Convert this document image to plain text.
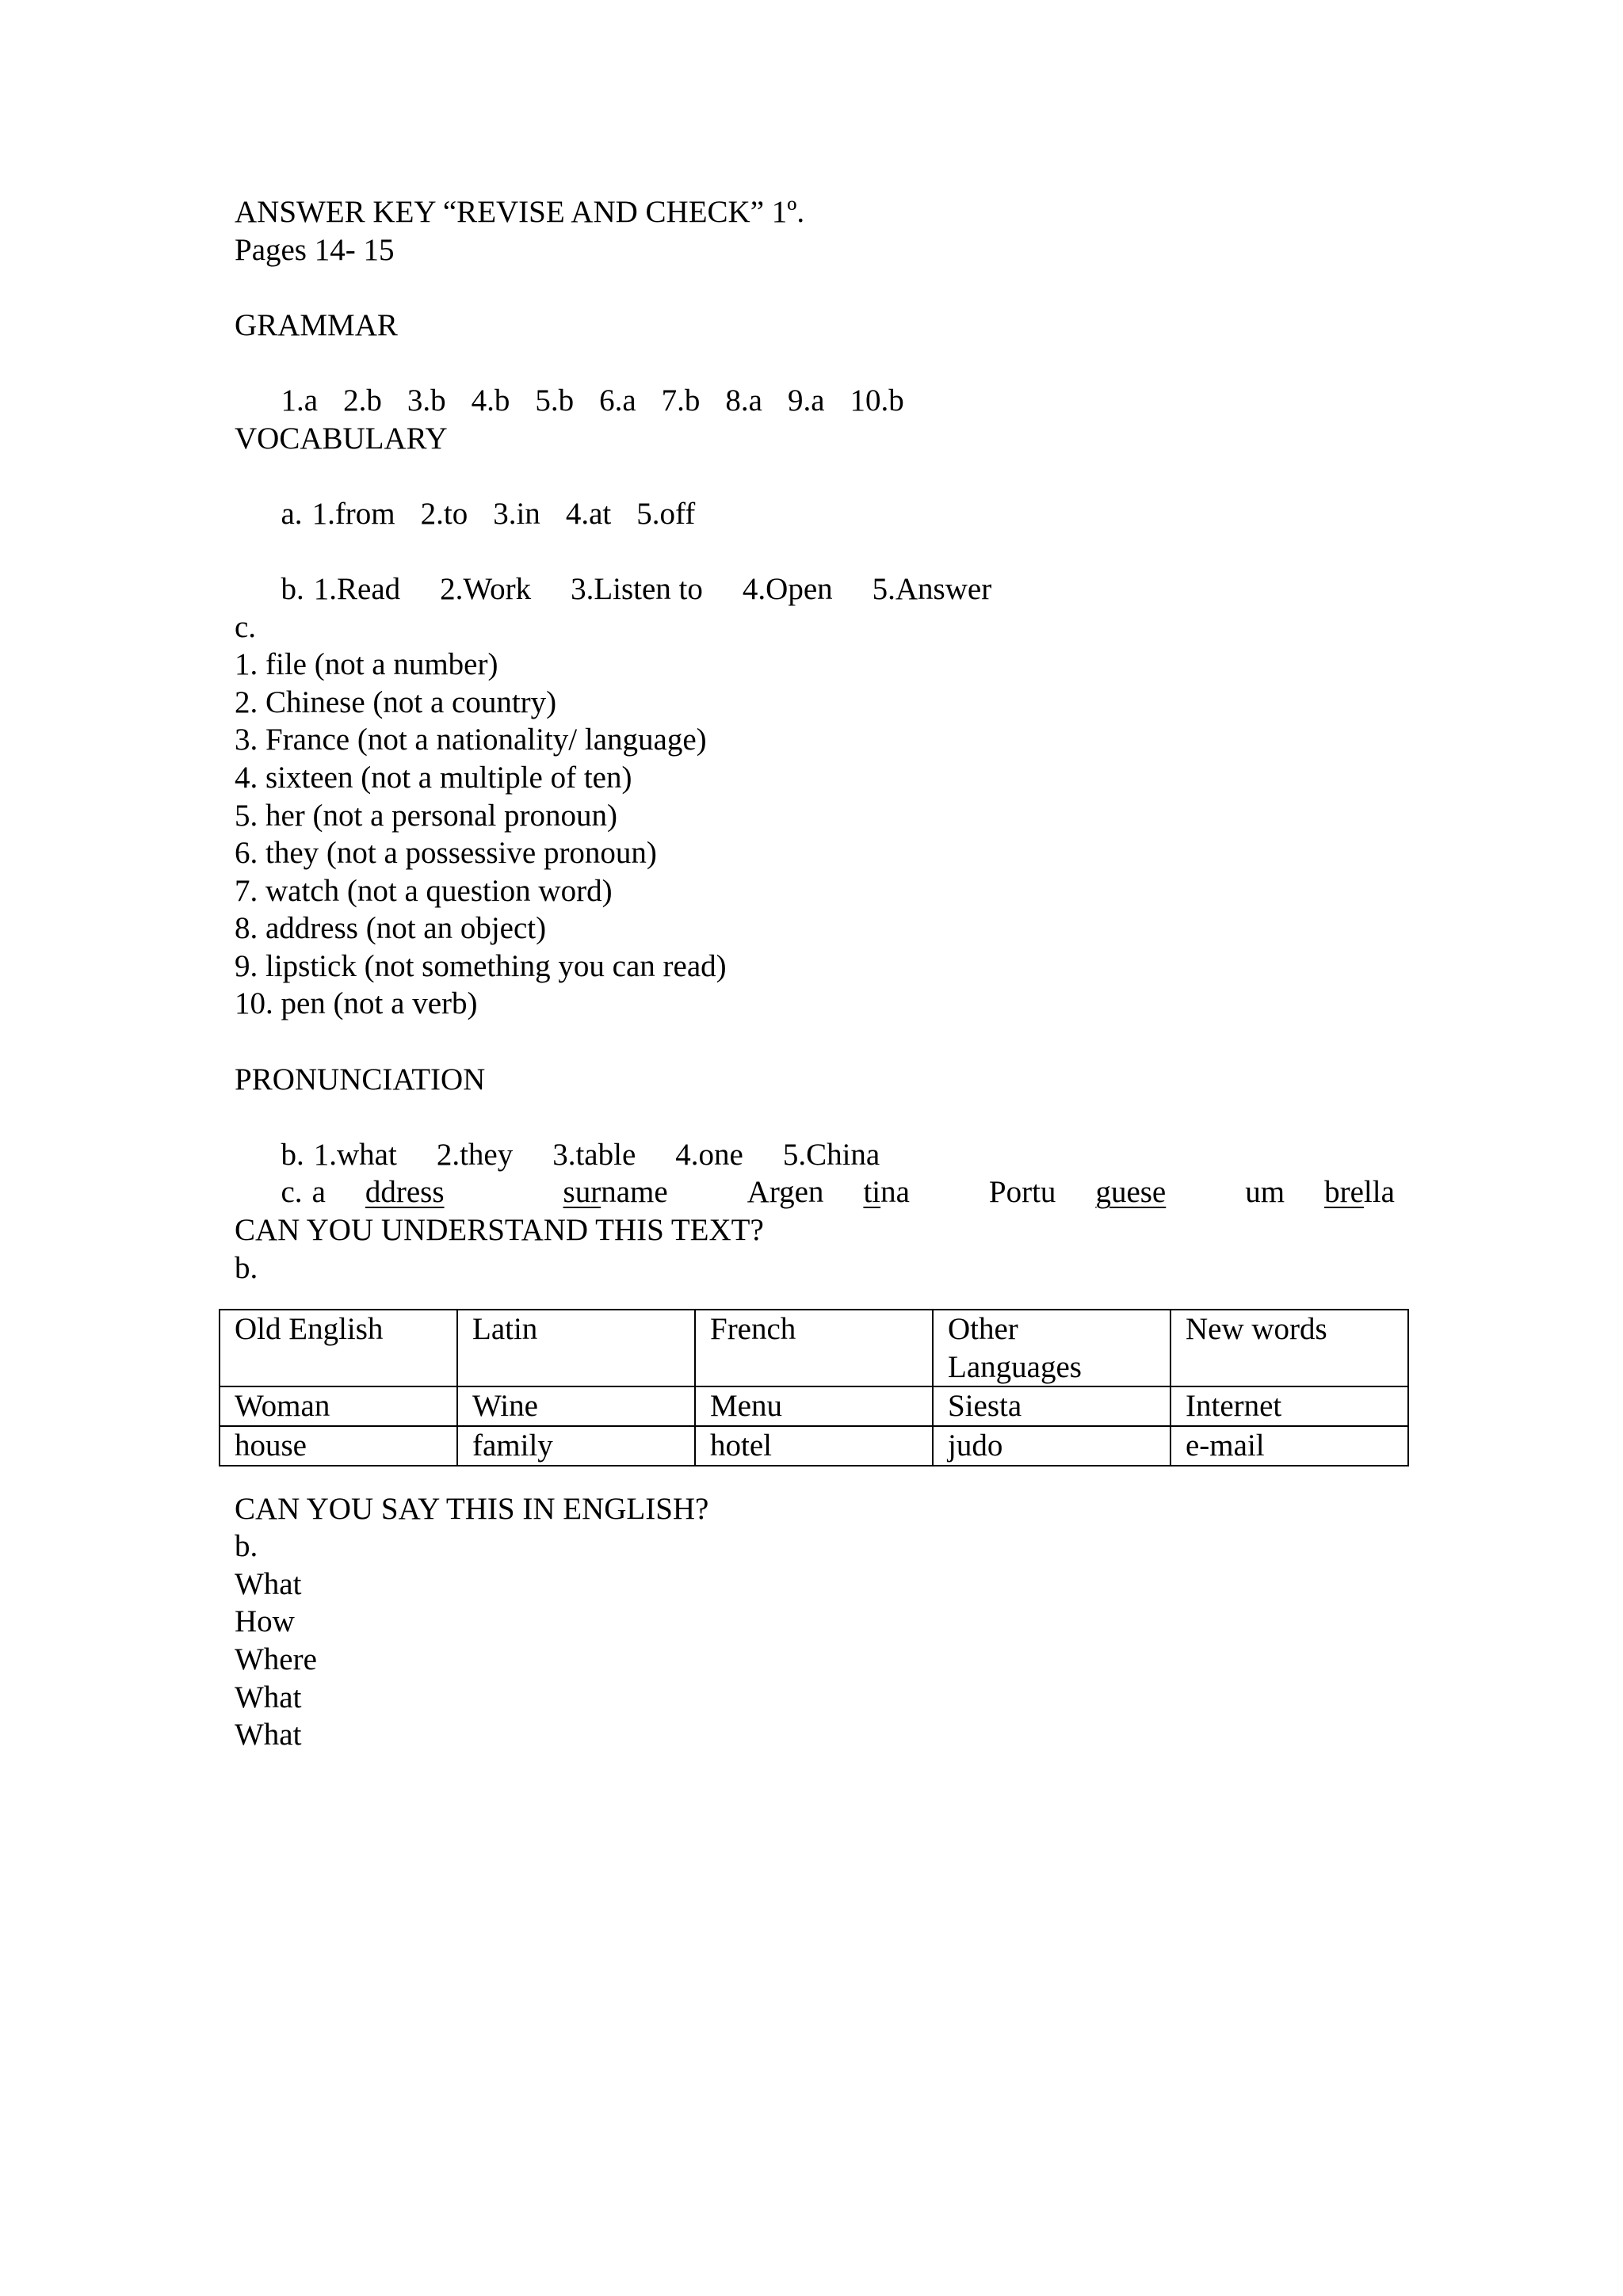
ANSWER KEY “REVISE AND CHECK” 1º.
Pages 14- 15
GRAMMAR

1.a 2.b 3.b 4.b 5.b 6.a 7.b 8.a 9.a 10.b

VOCABULARY

a. 1.from 2.to 3.in 4.at 5.off

b. 1.Read 2.Work 3.Listen to 4.Open 5.Answer

c.
1. file (not a number)
2. Chinese (not a country)
3. France (not a nationality/ language)
4. sixteen (not a multiple of ten)
5. her (not a personal pronoun)
6. they (not a possessive pronoun)
7. watch (not a question word)
8. address (not an object)
9. lipstick (not something you can read)
10. pen (not a verb)
PRONUNCIATION

b. 1.what 2.they 3.table 4.one 5.China

c. a ddress	surname	Argen tina	Portu guese	um brella

CAN YOU UNDERSTAND THIS TEXT?
b.
Old English	Latin	French	Other Languages	New words
Woman	Wine	Menu	Siesta	Internet
house	family	hotel	judo	e-mail
CAN YOU SAY THIS IN ENGLISH?
b.
What
How
Where
What
What
